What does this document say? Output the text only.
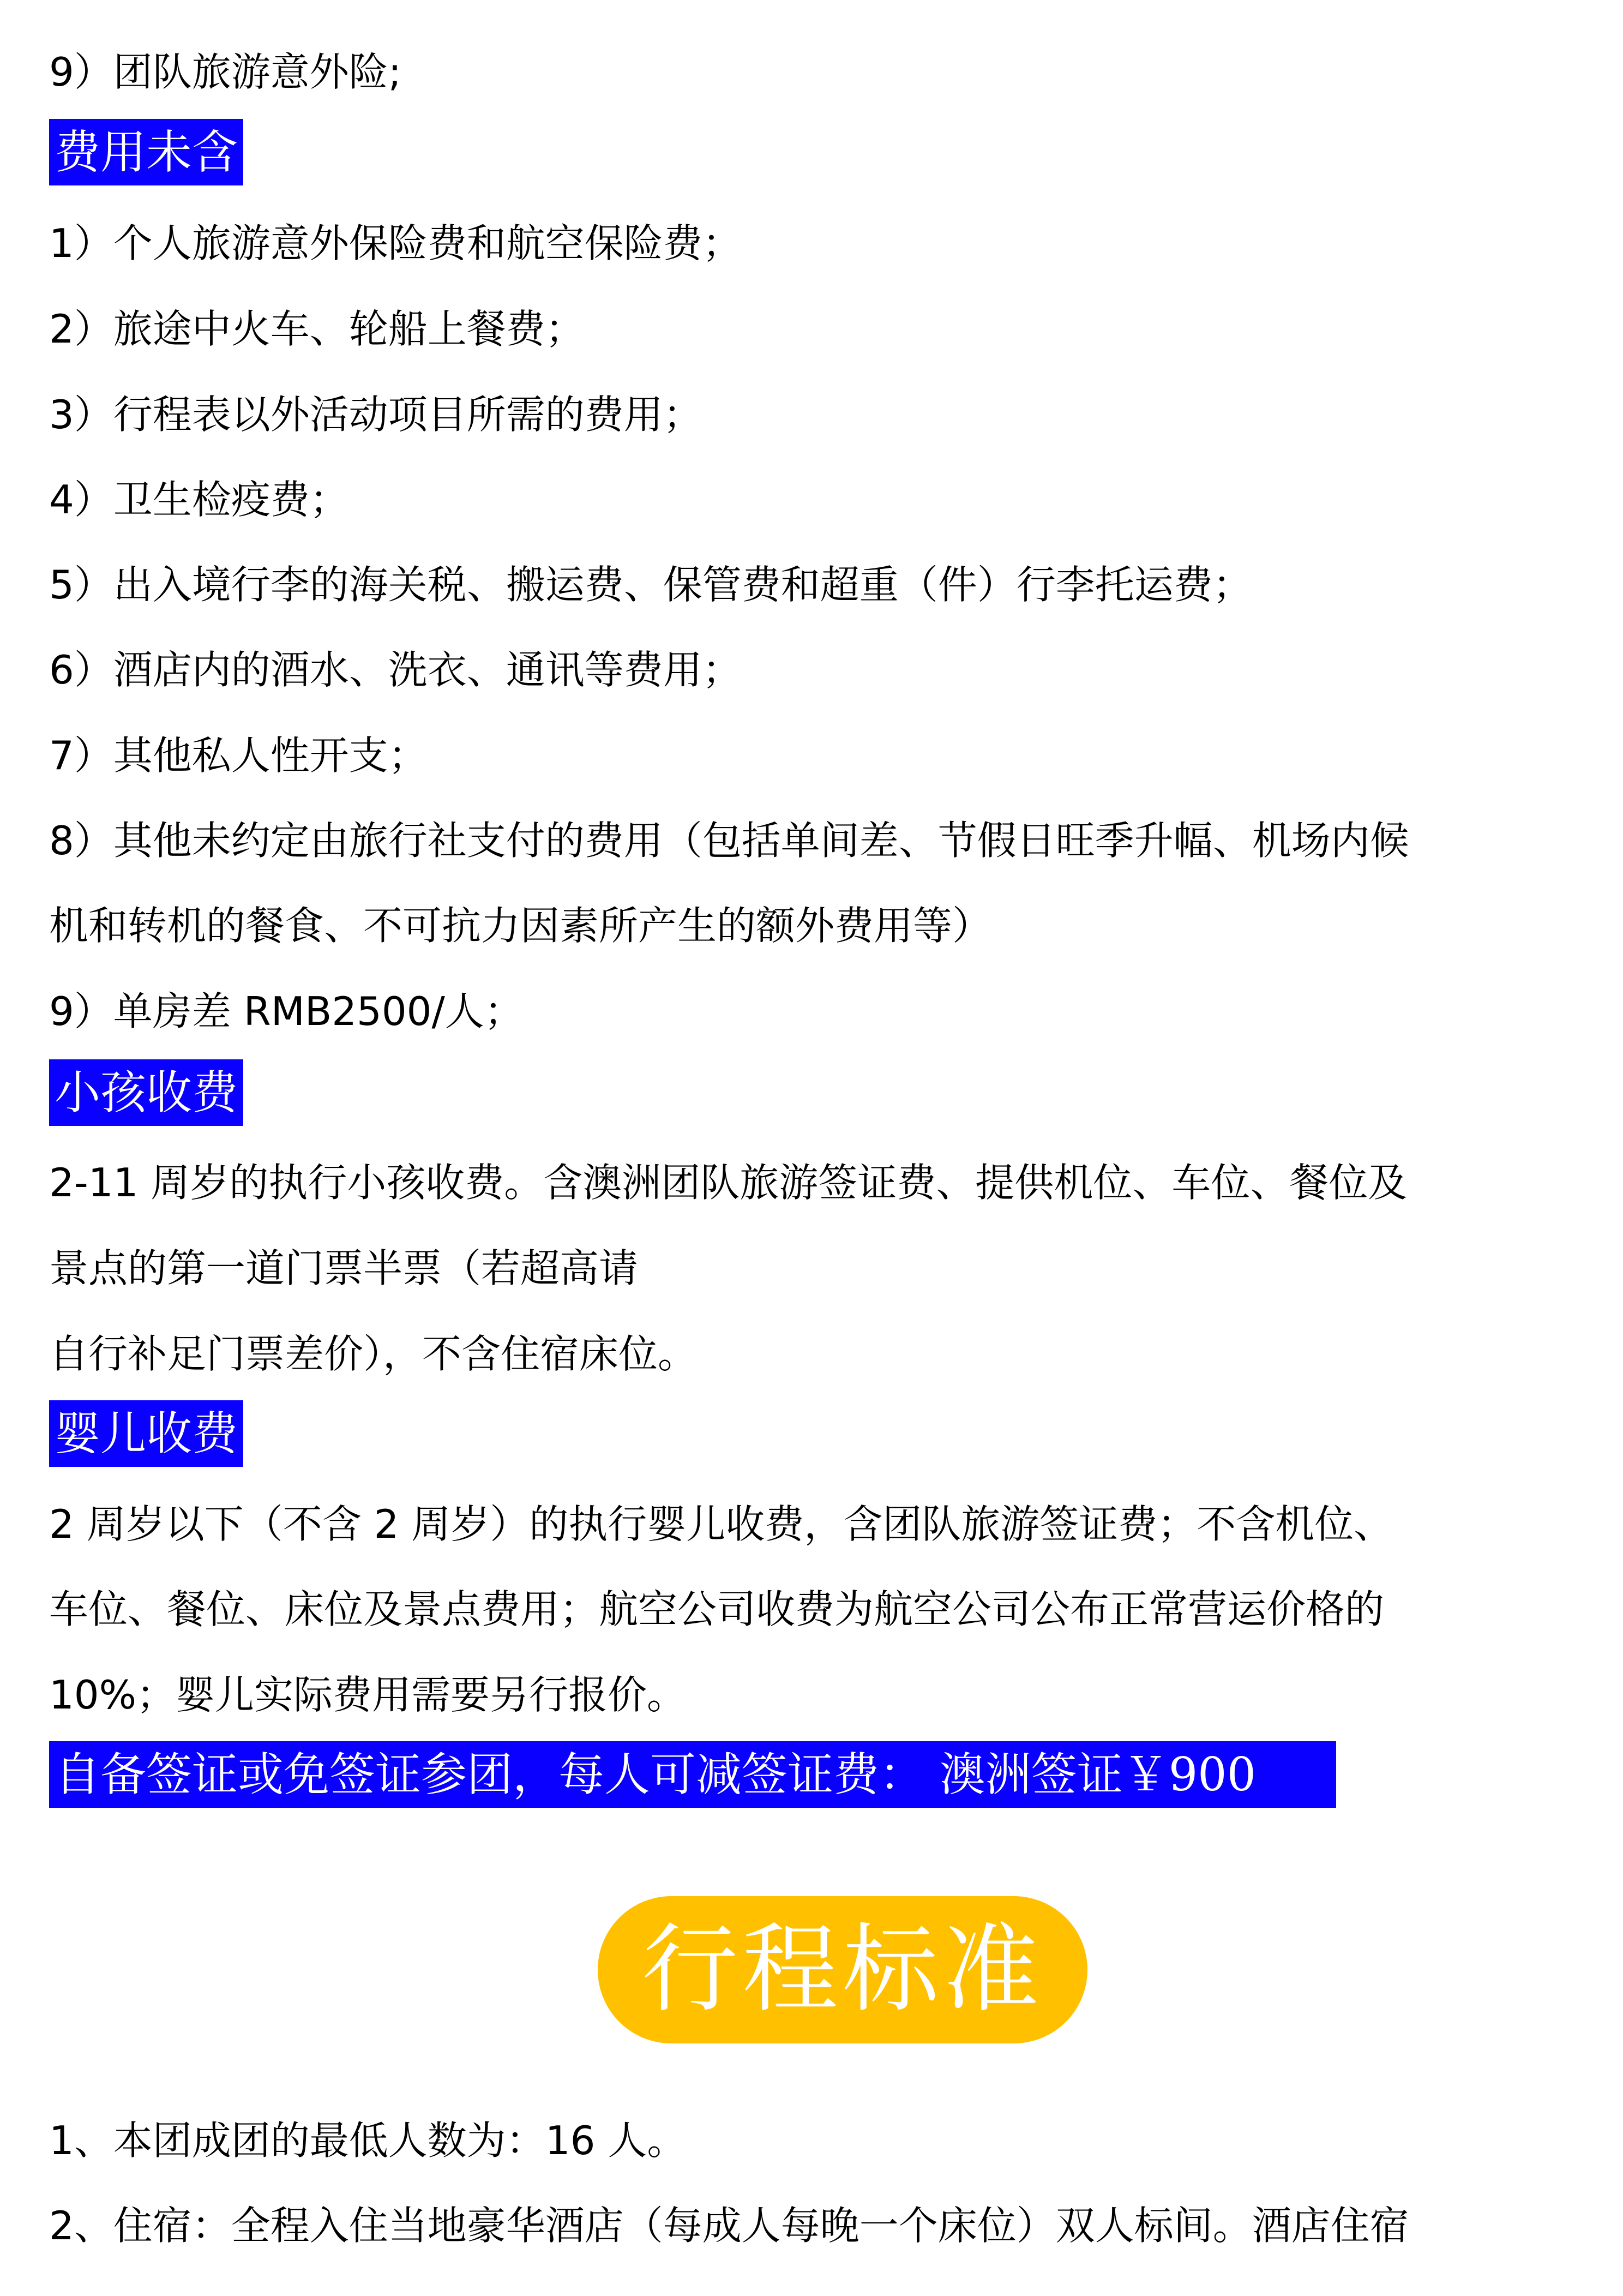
9）团队旅游意外险;

费用未含

1）个人旅游意外保险费和航空保险费；

2）旅途中火车、轮船上餐费；

3）行程表以外活动项目所需的费用；

4）卫生检疫费；

5）出入境行李的海关税、搬运费、保管费和超重（件）行李托运费；

6）酒店内的酒水、洗衣、通讯等费用；

7）其他私人性开支；

8）其他未约定由旅行社支付的费用（包括单间差、节假日旺季升幅、机场内候

机和转机的餐食、不可抗力因素所产生的额外费用等）

9）单房差 RMB2500/人；

小孩收费

2-11 周岁的执行小孩收费。含澳洲团队旅游签证费、提供机位、车位、餐位及

景点的第一道门票半票（若超高请

自行补足门票差价），不含住宿床位。

婴儿收费

2 周岁以下（不含 2 周岁）的执行婴儿收费，含团队旅游签证费；不含机位、

车位、餐位、床位及景点费用；航空公司收费为航空公司公布正常营运价格的

10%；婴儿实际费用需要另行报价。

自备签证或免签证参团，每人可减签证费： 澳洲签证￥900
行程标准

1、本团成团的最低人数为：16 人。

2、住宿：全程入住当地豪华酒店（每成人每晚一个床位）双人标间。酒店住宿
